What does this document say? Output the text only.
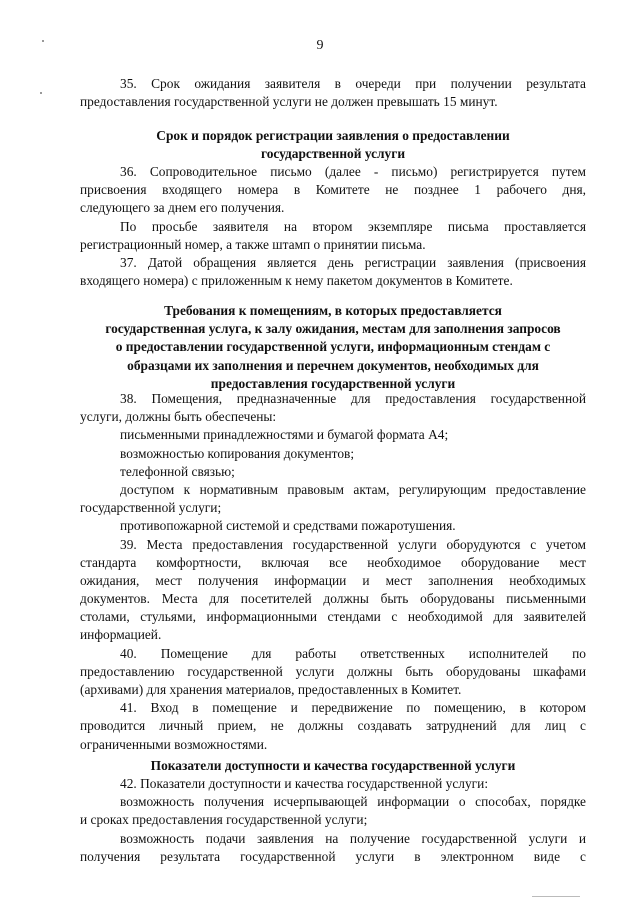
9
35. Срок ожидания заявителя в очереди при получении результата
предоставления государственной услуги не должен превышать 15 минут.
Срок и порядок регистрации заявления о предоставлении
государственной услуги
36. Сопроводительное письмо (далее - письмо) регистрируется путем
присвоения входящего номера в Комитете не позднее 1 рабочего дня,
следующего за днем его получения.
По просьбе заявителя на втором экземпляре письма проставляется
регистрационный номер, а также штамп о принятии письма.
37. Датой обращения является день регистрации заявления (присвоения
входящего номера) с приложенным к нему пакетом документов в Комитете.
Требования к помещениям, в которых предоставляется
государственная услуга, к залу ожидания, местам для заполнения запросов
о предоставлении государственной услуги, информационным стендам с
образцами их заполнения и перечнем документов, необходимых для
предоставления государственной услуги
38. Помещения, предназначенные для предоставления государственной
услуги, должны быть обеспечены:
письменными принадлежностями и бумагой формата А4;
возможностью копирования документов;
телефонной связью;
доступом к нормативным правовым актам, регулирующим предоставление
государственной услуги;
противопожарной системой и средствами пожаротушения.
39. Места предоставления государственной услуги оборудуются с учетом
стандарта комфортности, включая все необходимое оборудование мест
ожидания, мест получения информации и мест заполнения необходимых
документов. Места для посетителей должны быть оборудованы письменными
столами, стульями, информационными стендами с необходимой для заявителей
информацией.
40. Помещение для работы ответственных исполнителей по
предоставлению государственной услуги должны быть оборудованы шкафами
(архивами) для хранения материалов, предоставленных в Комитет.
41. Вход в помещение и передвижение по помещению, в котором
проводится личный прием, не должны создавать затруднений для лиц с
ограниченными возможностями.
Показатели доступности и качества государственной услуги
42. Показатели доступности и качества государственной услуги:
возможность получения исчерпывающей информации о способах, порядке
и сроках предоставления государственной услуги;
возможность подачи заявления на получение государственной услуги и
получения результата государственной услуги в электронном виде с
